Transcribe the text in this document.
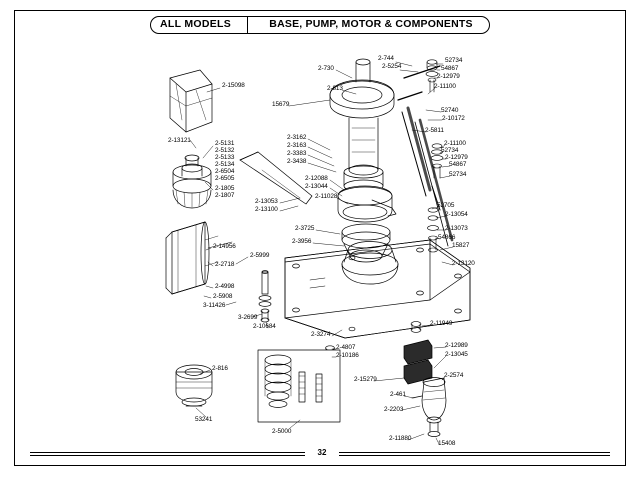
ALL MODELS	BASE, PUMP, MOTOR & COMPONENTS
2-15098
2-13121	2-5131
2-5132
2-5133
2-5134
2-6504
2-6505
2-1805
2-1807
2-14956
2-2718
2-5999
2-4998
2-5908
3-11426
3-2699
2-10684
2-816
53241
2-5000
15679
2-730
2-813
2-744
2-5254
52734
54867
2-12979
2-11100
52740
2-10172
2-5811
2-11100
52734
2-12979
54867
52734
2-3162
2-3163
2-3383
2-3438
2-12088
2-13044
2-11028
2-13053
2-13100
52705
2-13054
2-13073
54866
15827
2-3725
2-3956
2-13120
2-3274
2-4807
2-10186
2-11949
2-12989
2-13045
2-15279
2-461
2-2574
2-2203
2-11880
15408
32
